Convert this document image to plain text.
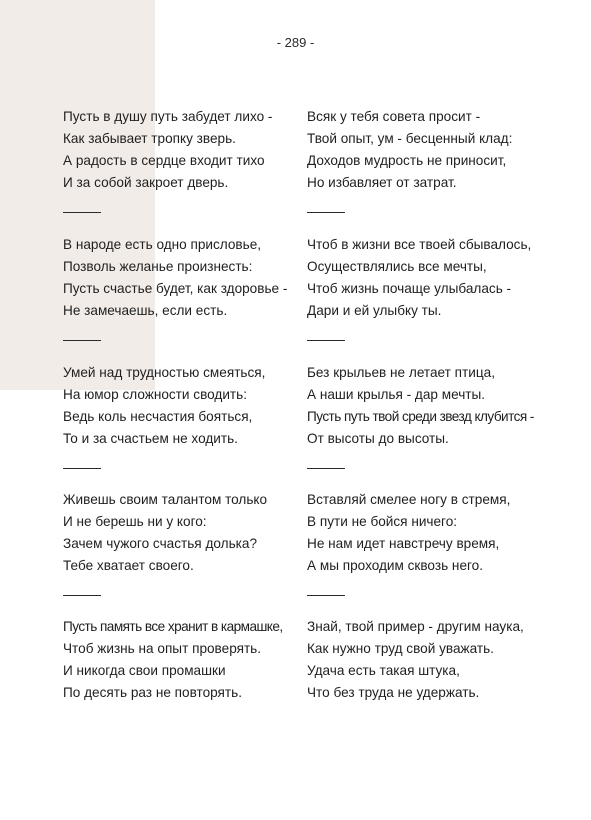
- 289 -
Пусть в душу путь забудет лихо -
Как забывает тропку зверь.
А радость в сердце входит тихо
И за собой закроет дверь.
В народе есть одно присловье,
Позволь желанье произнесть:
Пусть счастье будет, как здоровье -
Не замечаешь, если есть.
Умей над трудностью смеяться,
На юмор сложности сводить:
Ведь коль несчастия бояться,
То и за счастьем не ходить.
Живешь своим талантом только
И не берешь ни у кого:
Зачем чужого счастья долька?
Тебе хватает своего.
Пусть память все хранит в кармашке,
Чтоб жизнь на опыт проверять.
И никогда свои промашки
По десять раз не повторять.
Всяк у тебя совета просит -
Твой опыт, ум - бесценный клад:
Доходов мудрость не приносит,
Но избавляет от затрат.
Чтоб в жизни все твоей сбывалось,
Осуществлялись все мечты,
Чтоб жизнь почаще улыбалась -
Дари и ей улыбку ты.
Без крыльев не летает птица,
А наши крылья - дар мечты.
Пусть путь твой среди звезд клубится -
От высоты до высоты.
Вставляй смелее ногу в стремя,
В пути не бойся ничего:
Не нам идет навстречу время,
А мы проходим сквозь него.
Знай, твой пример - другим наука,
Как нужно труд свой уважать.
Удача есть такая штука,
Что без труда не удержать.
